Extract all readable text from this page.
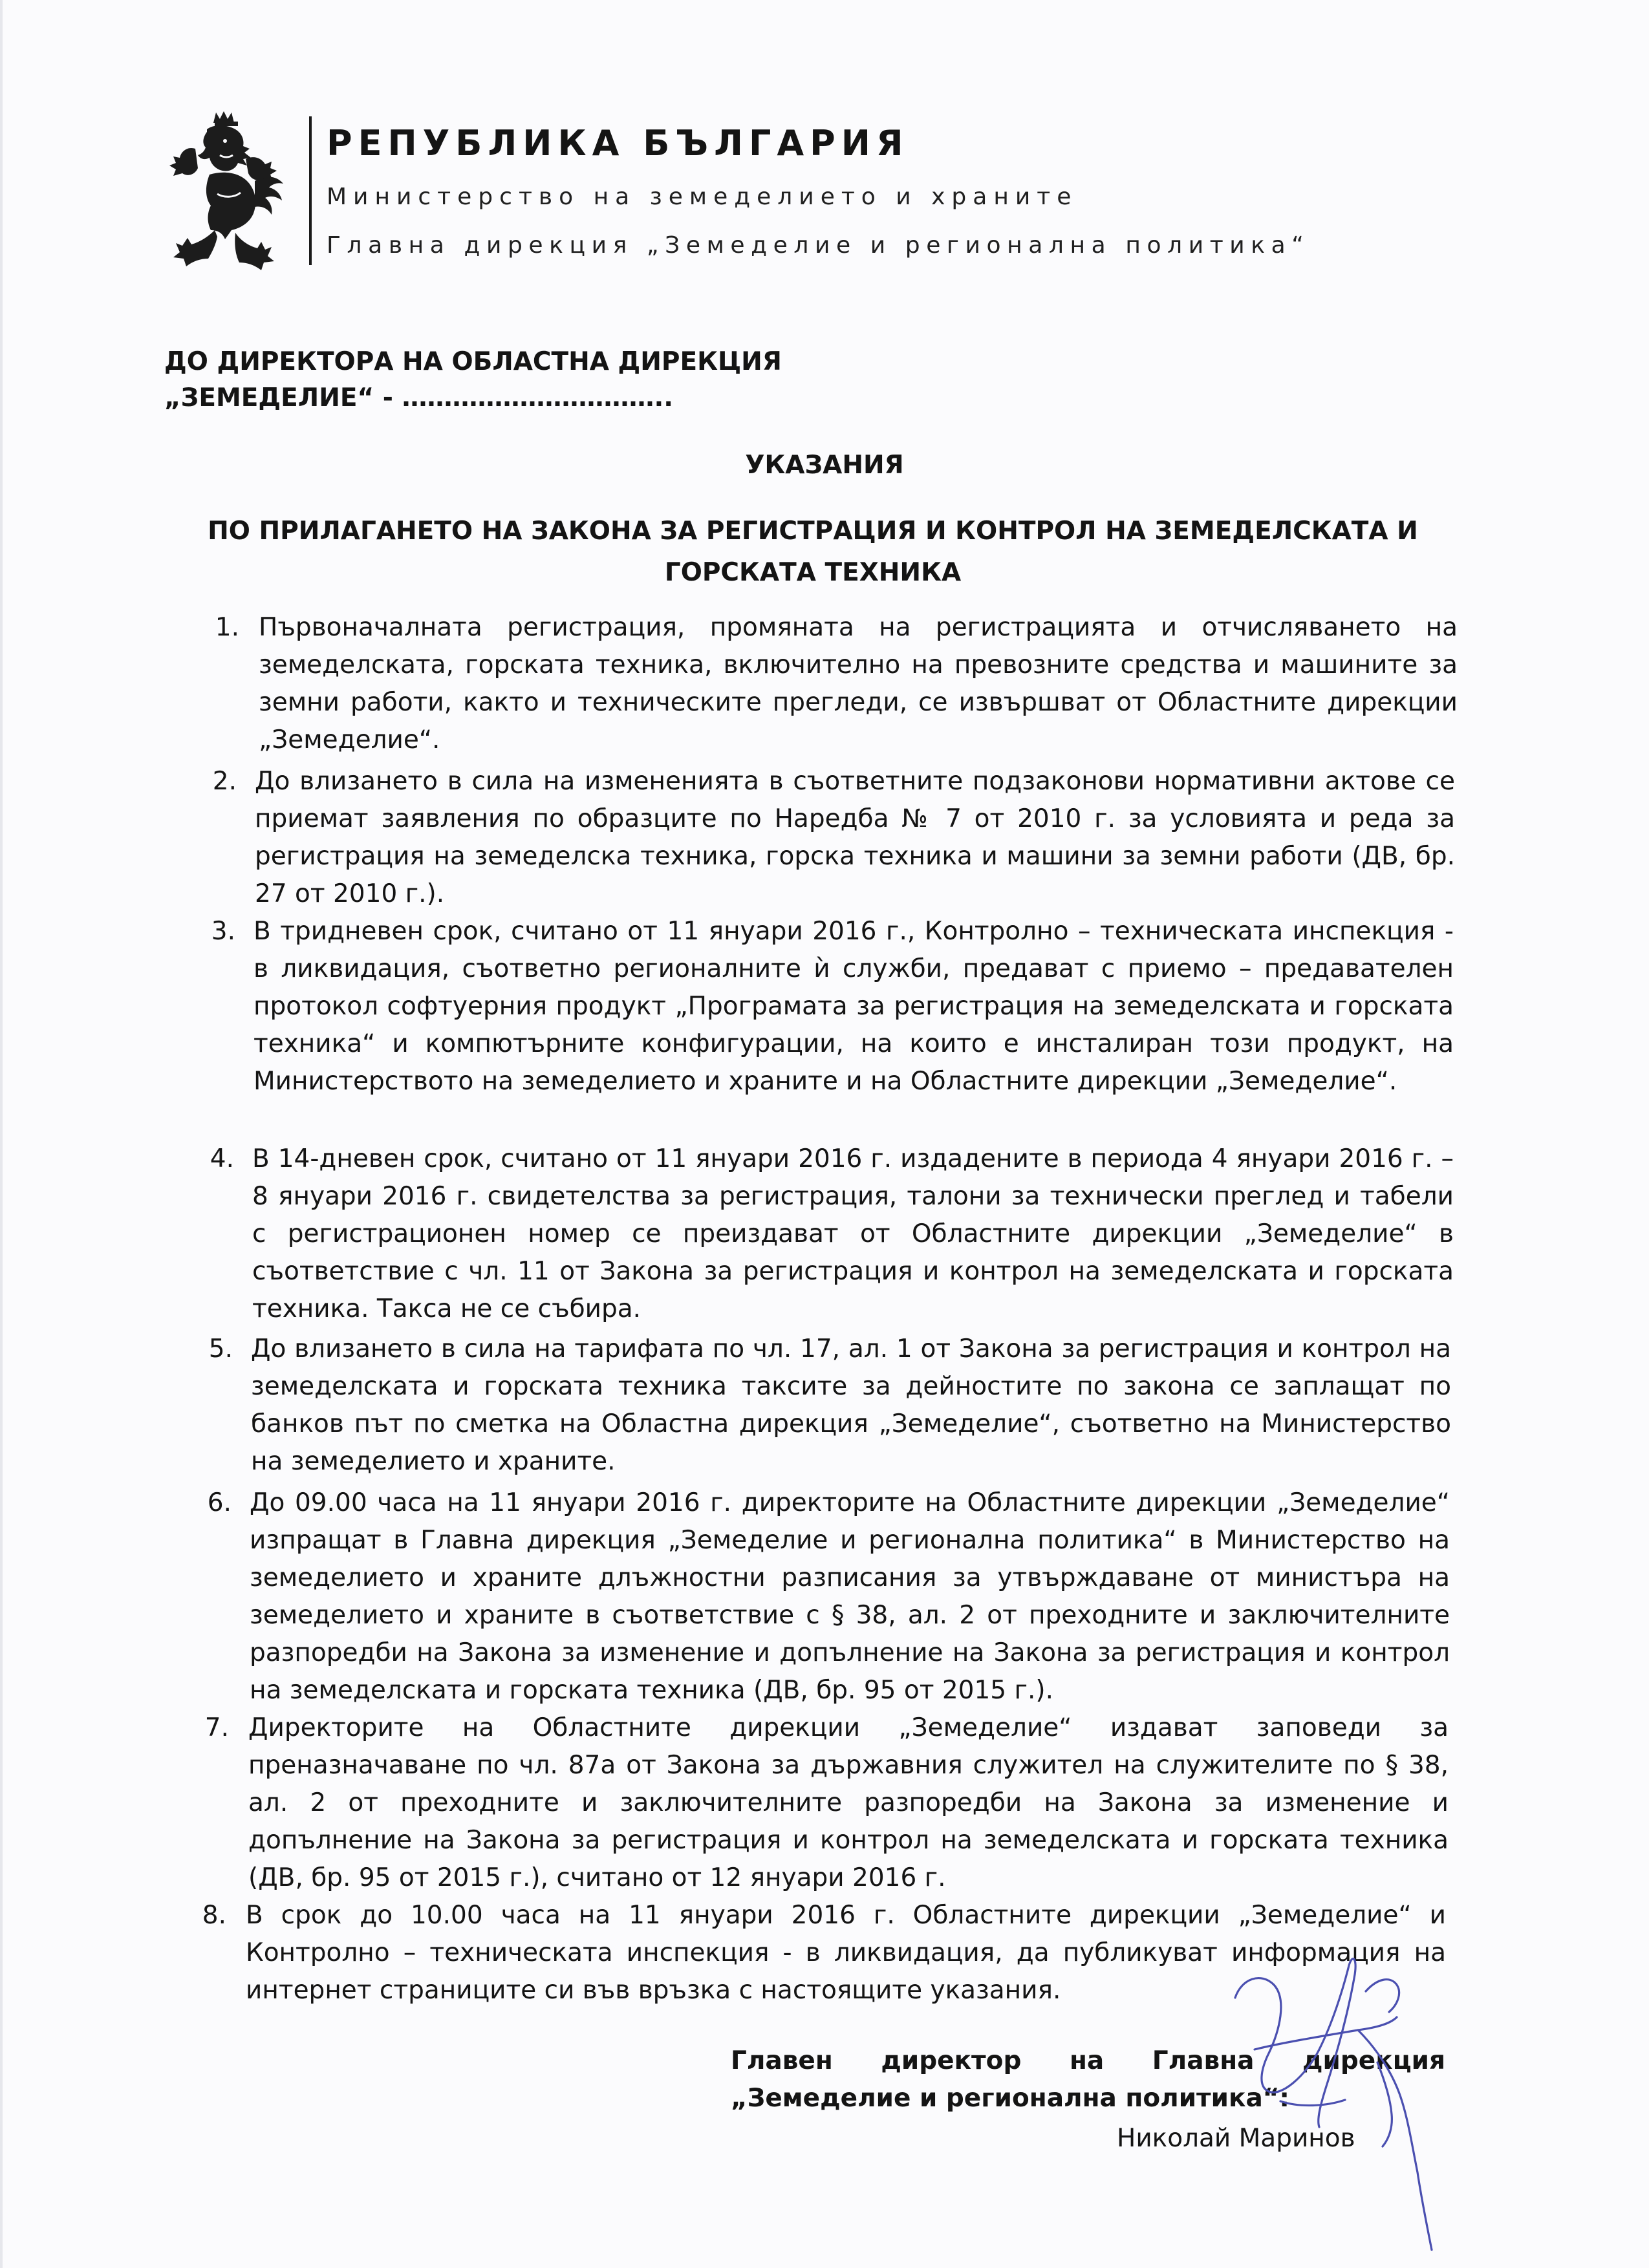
РЕПУБЛИКА БЪЛГАРИЯ
Министерство на земеделието и храните
Главна дирекция „Земеделие и регионална политика“
ДО ДИРЕКТОРА НА ОБЛАСТНА ДИРЕКЦИЯ
„ЗЕМЕДЕЛИЕ“ - …………………………..
УКАЗАНИЯ
ПО ПРИЛАГАНЕТО НА ЗАКОНА ЗА РЕГИСТРАЦИЯ И КОНТРОЛ НА ЗЕМЕДЕЛСКАТА И ГОРСКАТА ТЕХНИКА
1. Първоначалната регистрация, промяната на регистрацията и отчисляването на земеделската, горската техника, включително на превозните средства и машините за земни работи, както и техническите прегледи, се извършват от Областните дирекции „Земеделие“.
2. До влизането в сила на измененията в съответните подзаконови нормативни актове се приемат заявления по образците по Наредба № 7 от 2010 г. за условията и реда за регистрация на земеделска техника, горска техника и машини за земни работи (ДВ, бр. 27 от 2010 г.).
3. В тридневен срок, считано от 11 януари 2016 г., Контролно – техническата инспекция - в ликвидация, съответно регионалните ѝ служби, предават с приемо – предавателен протокол софтуерния продукт „Програмата за регистрация на земеделската и горската техника“ и компютърните конфигурации, на които е инсталиран този продукт, на Министерството на земеделието и храните и на Областните дирекции „Земеделие“.
4. В 14-дневен срок, считано от 11 януари 2016 г. издадените в периода 4 януари 2016 г. – 8 януари 2016 г. свидетелства за регистрация, талони за технически преглед и табели с регистрационен номер се преиздават от Областните дирекции „Земеделие“ в съответствие с чл. 11 от Закона за регистрация и контрол на земеделската и горската техника. Такса не се събира.
5. До влизането в сила на тарифата по чл. 17, ал. 1 от Закона за регистрация и контрол на земеделската и горската техника таксите за дейностите по закона се заплащат по банков път по сметка на Областна дирекция „Земеделие“, съответно на Министерство на земеделието и храните.
6. До 09.00 часа на 11 януари 2016 г. директорите на Областните дирекции „Земеделие“ изпращат в Главна дирекция „Земеделие и регионална политика“ в Министерство на земеделието и храните длъжностни разписания за утвърждаване от министъра на земеделието и храните в съответствие с § 38, ал. 2 от преходните и заключителните разпоредби на Закона за изменение и допълнение на Закона за регистрация и контрол на земеделската и горската техника (ДВ, бр. 95 от 2015 г.).
7. Директорите на Областните дирекции „Земеделие“ издават заповеди за преназначаване по чл. 87а от Закона за държавния служител на служителите по § 38, ал. 2 от преходните и заключителните разпоредби на Закона за изменение и допълнение на Закона за регистрация и контрол на земеделската и горската техника (ДВ, бр. 95 от 2015 г.), считано от 12 януари 2016 г.
8. В срок до 10.00 часа на 11 януари 2016 г. Областните дирекции „Земеделие“ и Контролно – техническата инспекция - в ликвидация, да публикуват информация на интернет страниците си във връзка с настоящите указания.
Главен директор на Главна дирекция
„Земеделие и регионална политика“:
Николай Маринов
